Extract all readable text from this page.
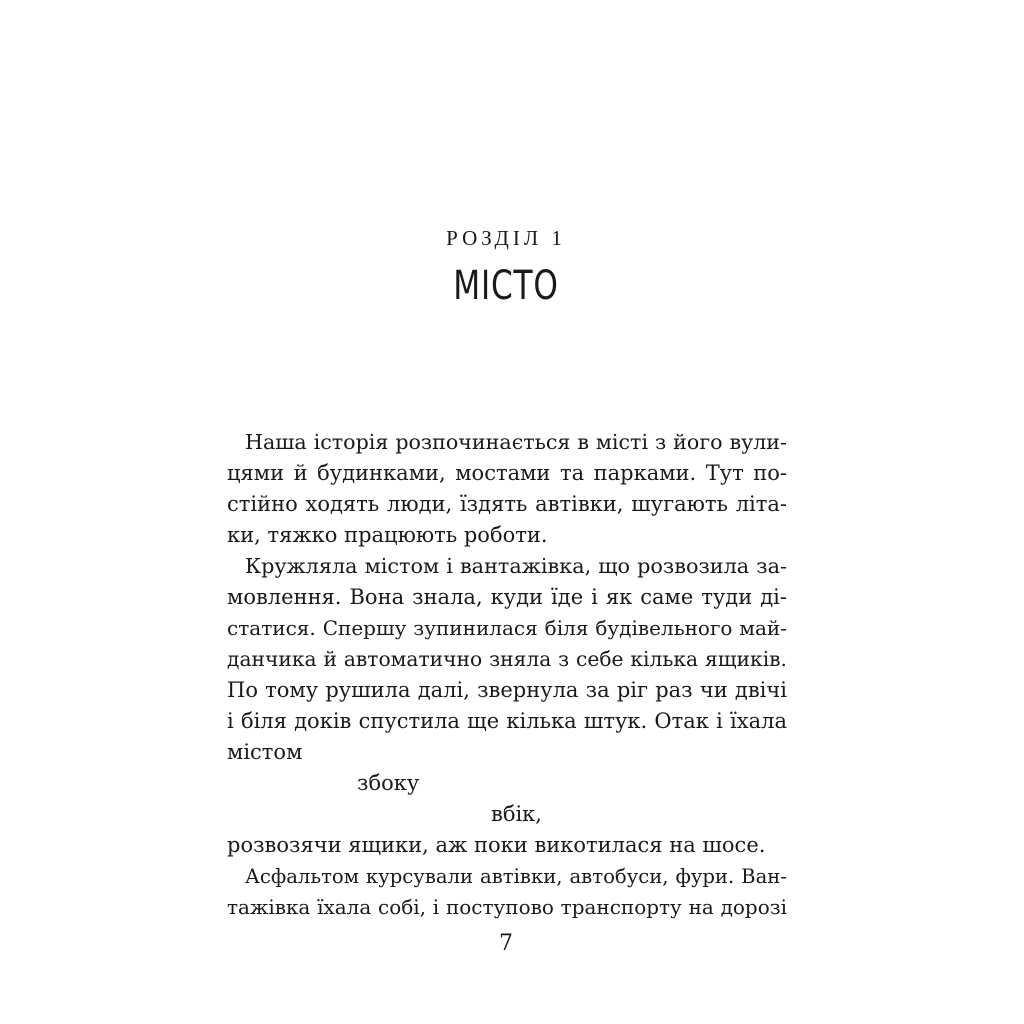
РОЗДІЛ 1
МІСТО
Наша історія розпочинається в місті з його вули-
цями й будинками, мостами та парками. Тут по-
стійно ходять люди, їздять автівки, шугають літа-
ки, тяжко працюють роботи.
Кружляла містом і вантажівка, що розвозила за-
мовлення. Вона знала, куди їде і як саме туди ді-
статися. Спершу зупинилася біля будівельного май-
данчика й автоматично зняла з себе кілька ящиків.
По тому рушила далі, звернула за ріг раз чи двічі
і біля доків спустила ще кілька штук. Отак і їхала
містом
збоку
вбік,
розвозячи ящики, аж поки викотилася на шосе.
Асфальтом курсували автівки, автобуси, фури. Ван-
тажівка їхала собі, і поступово транспорту на дорозі
7
